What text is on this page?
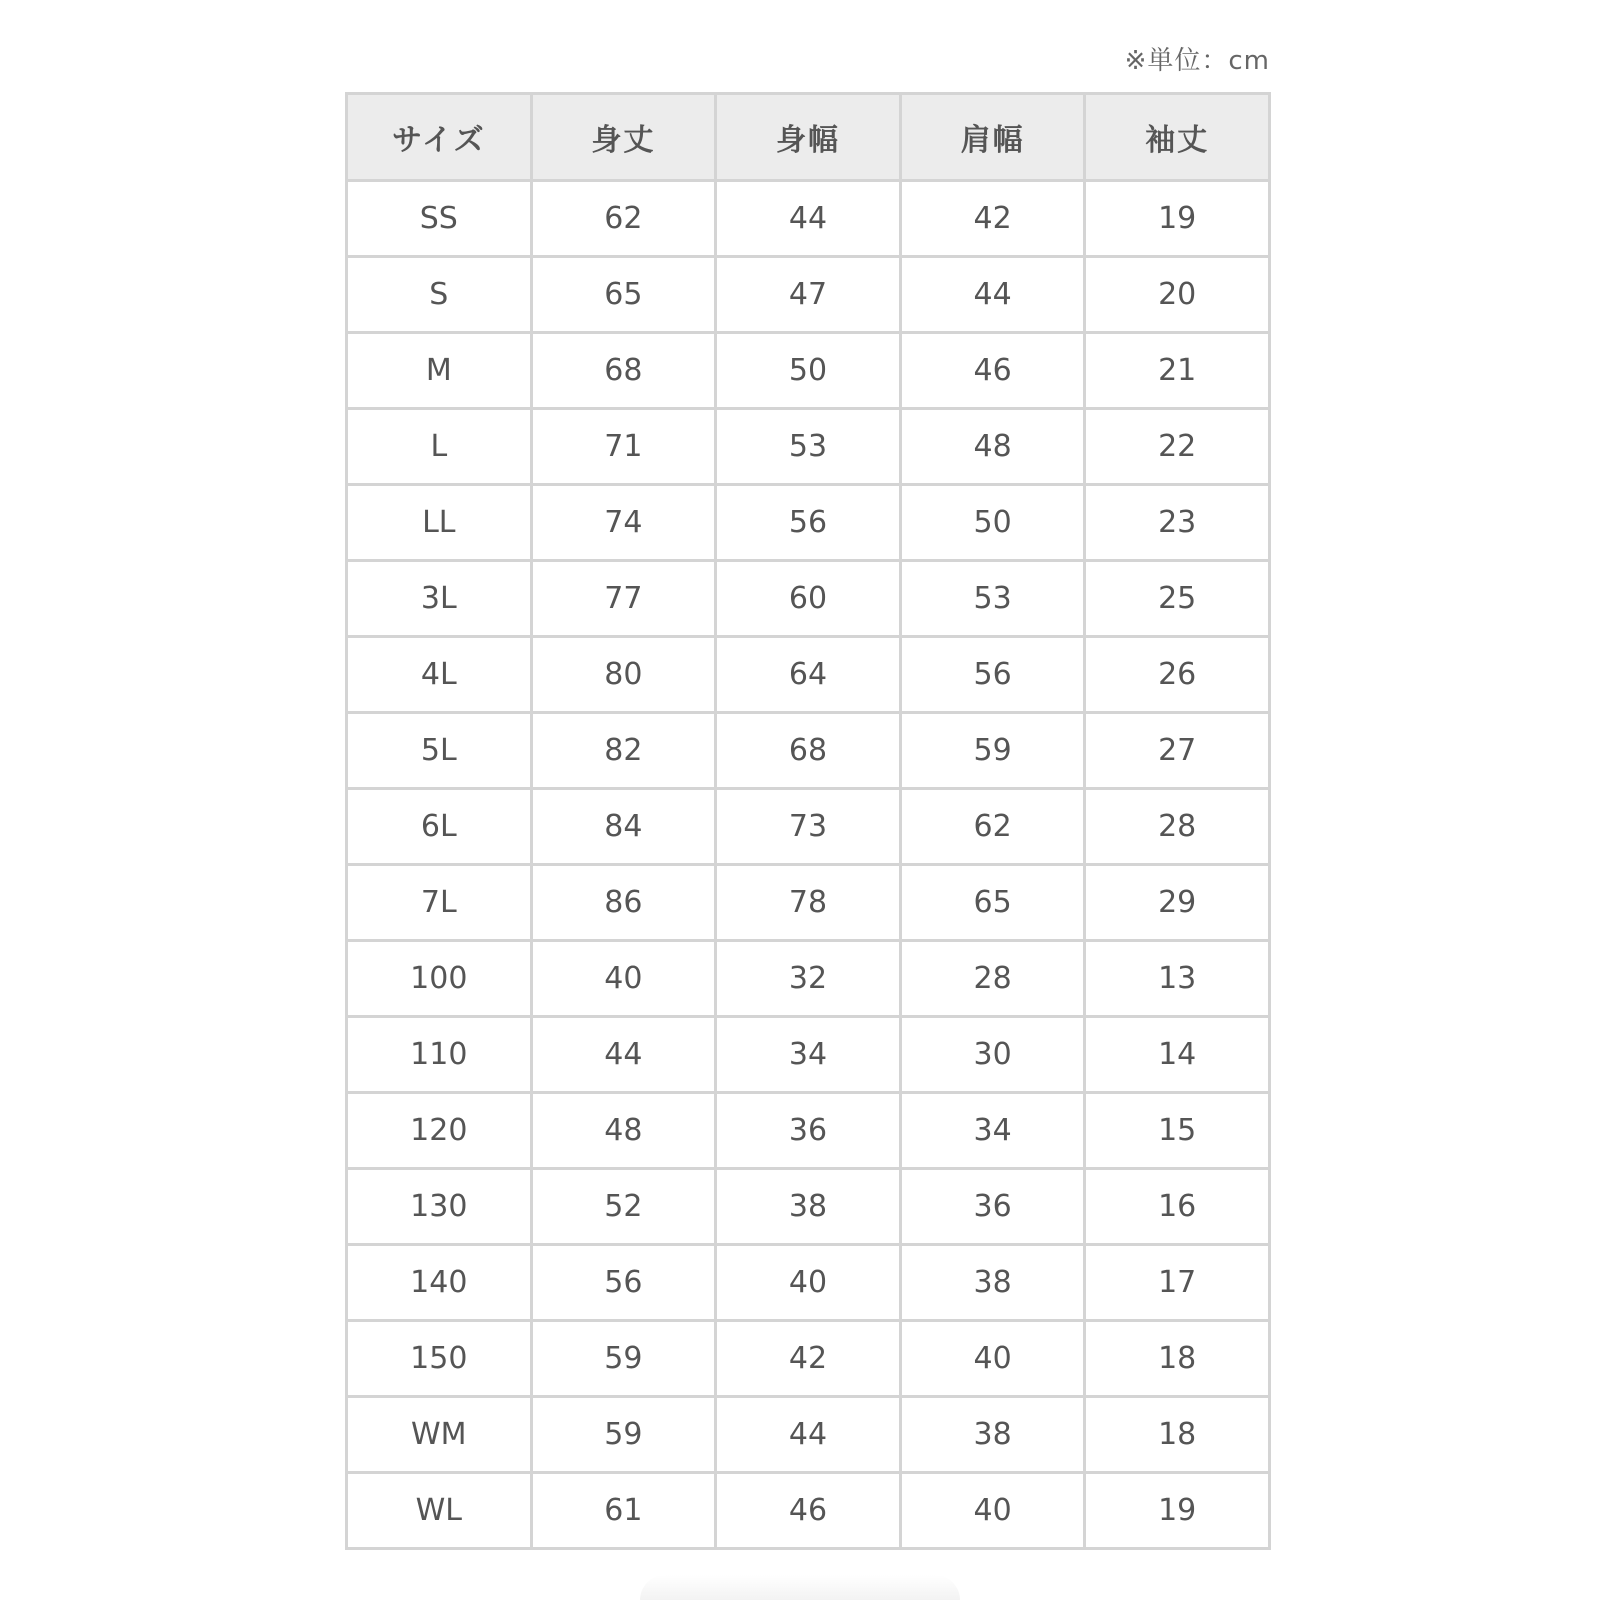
※単位：cm
サイズ	身丈	身幅	肩幅	袖丈
SS	62	44	42	19
S	65	47	44	20
M	68	50	46	21
L	71	53	48	22
LL	74	56	50	23
3L	77	60	53	25
4L	80	64	56	26
5L	82	68	59	27
6L	84	73	62	28
7L	86	78	65	29
100	40	32	28	13
110	44	34	30	14
120	48	36	34	15
130	52	38	36	16
140	56	40	38	17
150	59	42	40	18
WM	59	44	38	18
WL	61	46	40	19
